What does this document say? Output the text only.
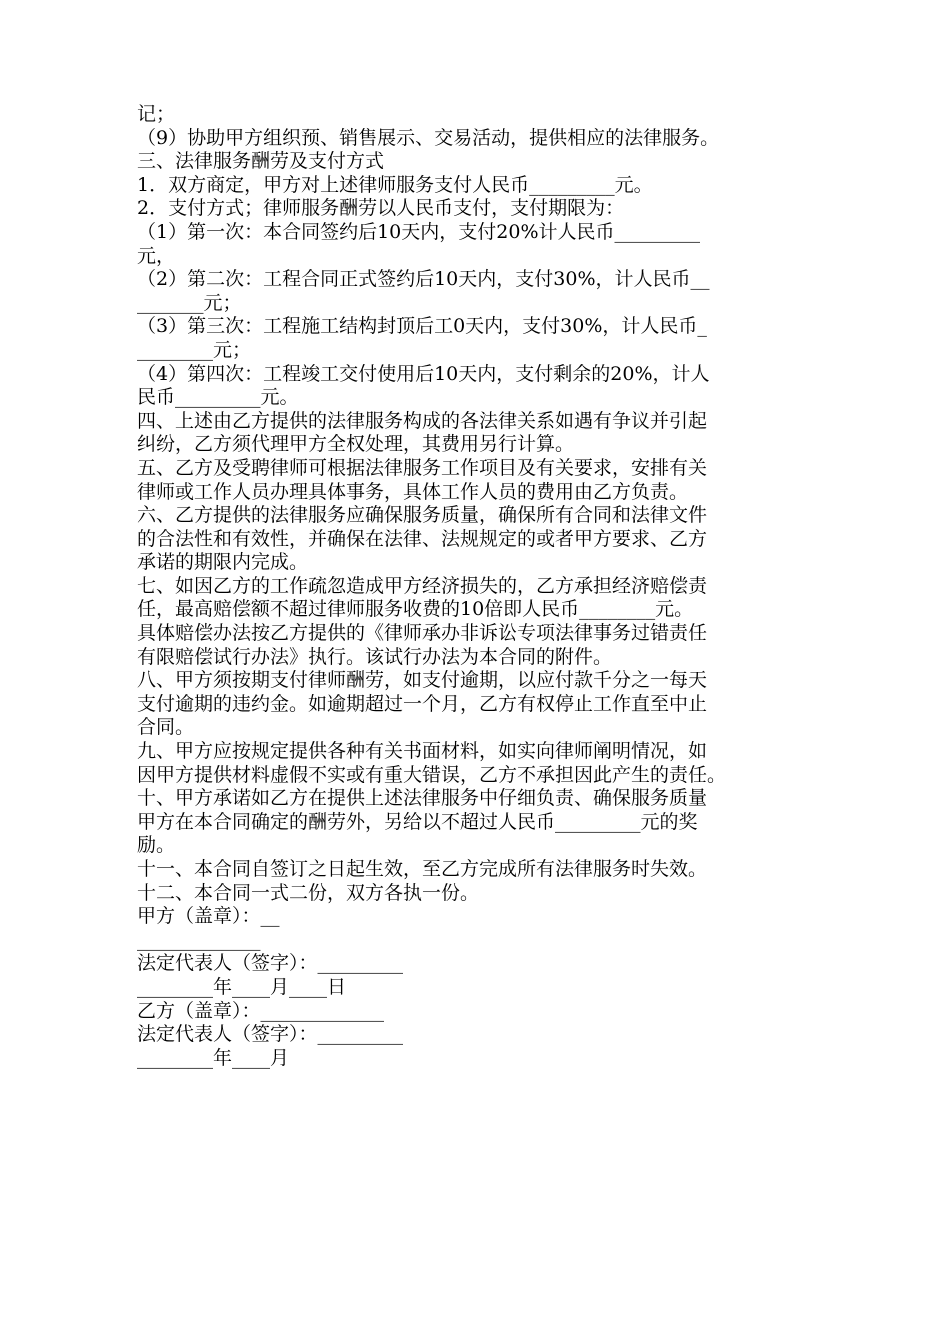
记；
（9）协助甲方组织预、销售展示、交易活动，提供相应的法律服务。
三、法律服务酬劳及支付方式
1．双方商定，甲方对上述律师服务支付人民币_________元。
2．支付方式；律师服务酬劳以人民币支付，支付期限为：
（1）第一次：本合同签约后10天内，支付20%计人民币_________
元，
（2）第二次：工程合同正式签约后10天内，支付30%，计人民币__
_______元；
（3）第三次：工程施工结构封顶后工0天内，支付30%，计人民币_
________元；
（4）第四次：工程竣工交付使用后10天内，支付剩余的20%，计人
民币_________元。
四、上述由乙方提供的法律服务构成的各法律关系如遇有争议并引起
纠纷，乙方须代理甲方全权处理，其费用另行计算。
五、乙方及受聘律师可根据法律服务工作项目及有关要求，安排有关
律师或工作人员办理具体事务，具体工作人员的费用由乙方负责。
六、乙方提供的法律服务应确保服务质量，确保所有合同和法律文件
的合法性和有效性，并确保在法律、法规规定的或者甲方要求、乙方
承诺的期限内完成。
七、如因乙方的工作疏忽造成甲方经济损失的，乙方承担经济赔偿责
任，最高赔偿额不超过律师服务收费的10倍即人民币________元。
具体赔偿办法按乙方提供的《律师承办非诉讼专项法律事务过错责任
有限赔偿试行办法》执行。该试行办法为本合同的附件。
八、甲方须按期支付律师酬劳，如支付逾期，以应付款千分之一每天
支付逾期的违约金。如逾期超过一个月，乙方有权停止工作直至中止
合同。
九、甲方应按规定提供各种有关书面材料，如实向律师阐明情况，如
因甲方提供材料虚假不实或有重大错误，乙方不承担因此产生的责任。
十、甲方承诺如乙方在提供上述法律服务中仔细负责、确保服务质量
甲方在本合同确定的酬劳外，另给以不超过人民币_________元的奖
励。
十一、本合同自签订之日起生效，至乙方完成所有法律服务时失效。
十二、本合同一式二份，双方各执一份。
甲方（盖章）：__
_____________
法定代表人（签字）：_________
________年____月____日
乙方（盖章）：_____________
法定代表人（签字）：_________
________年____月
